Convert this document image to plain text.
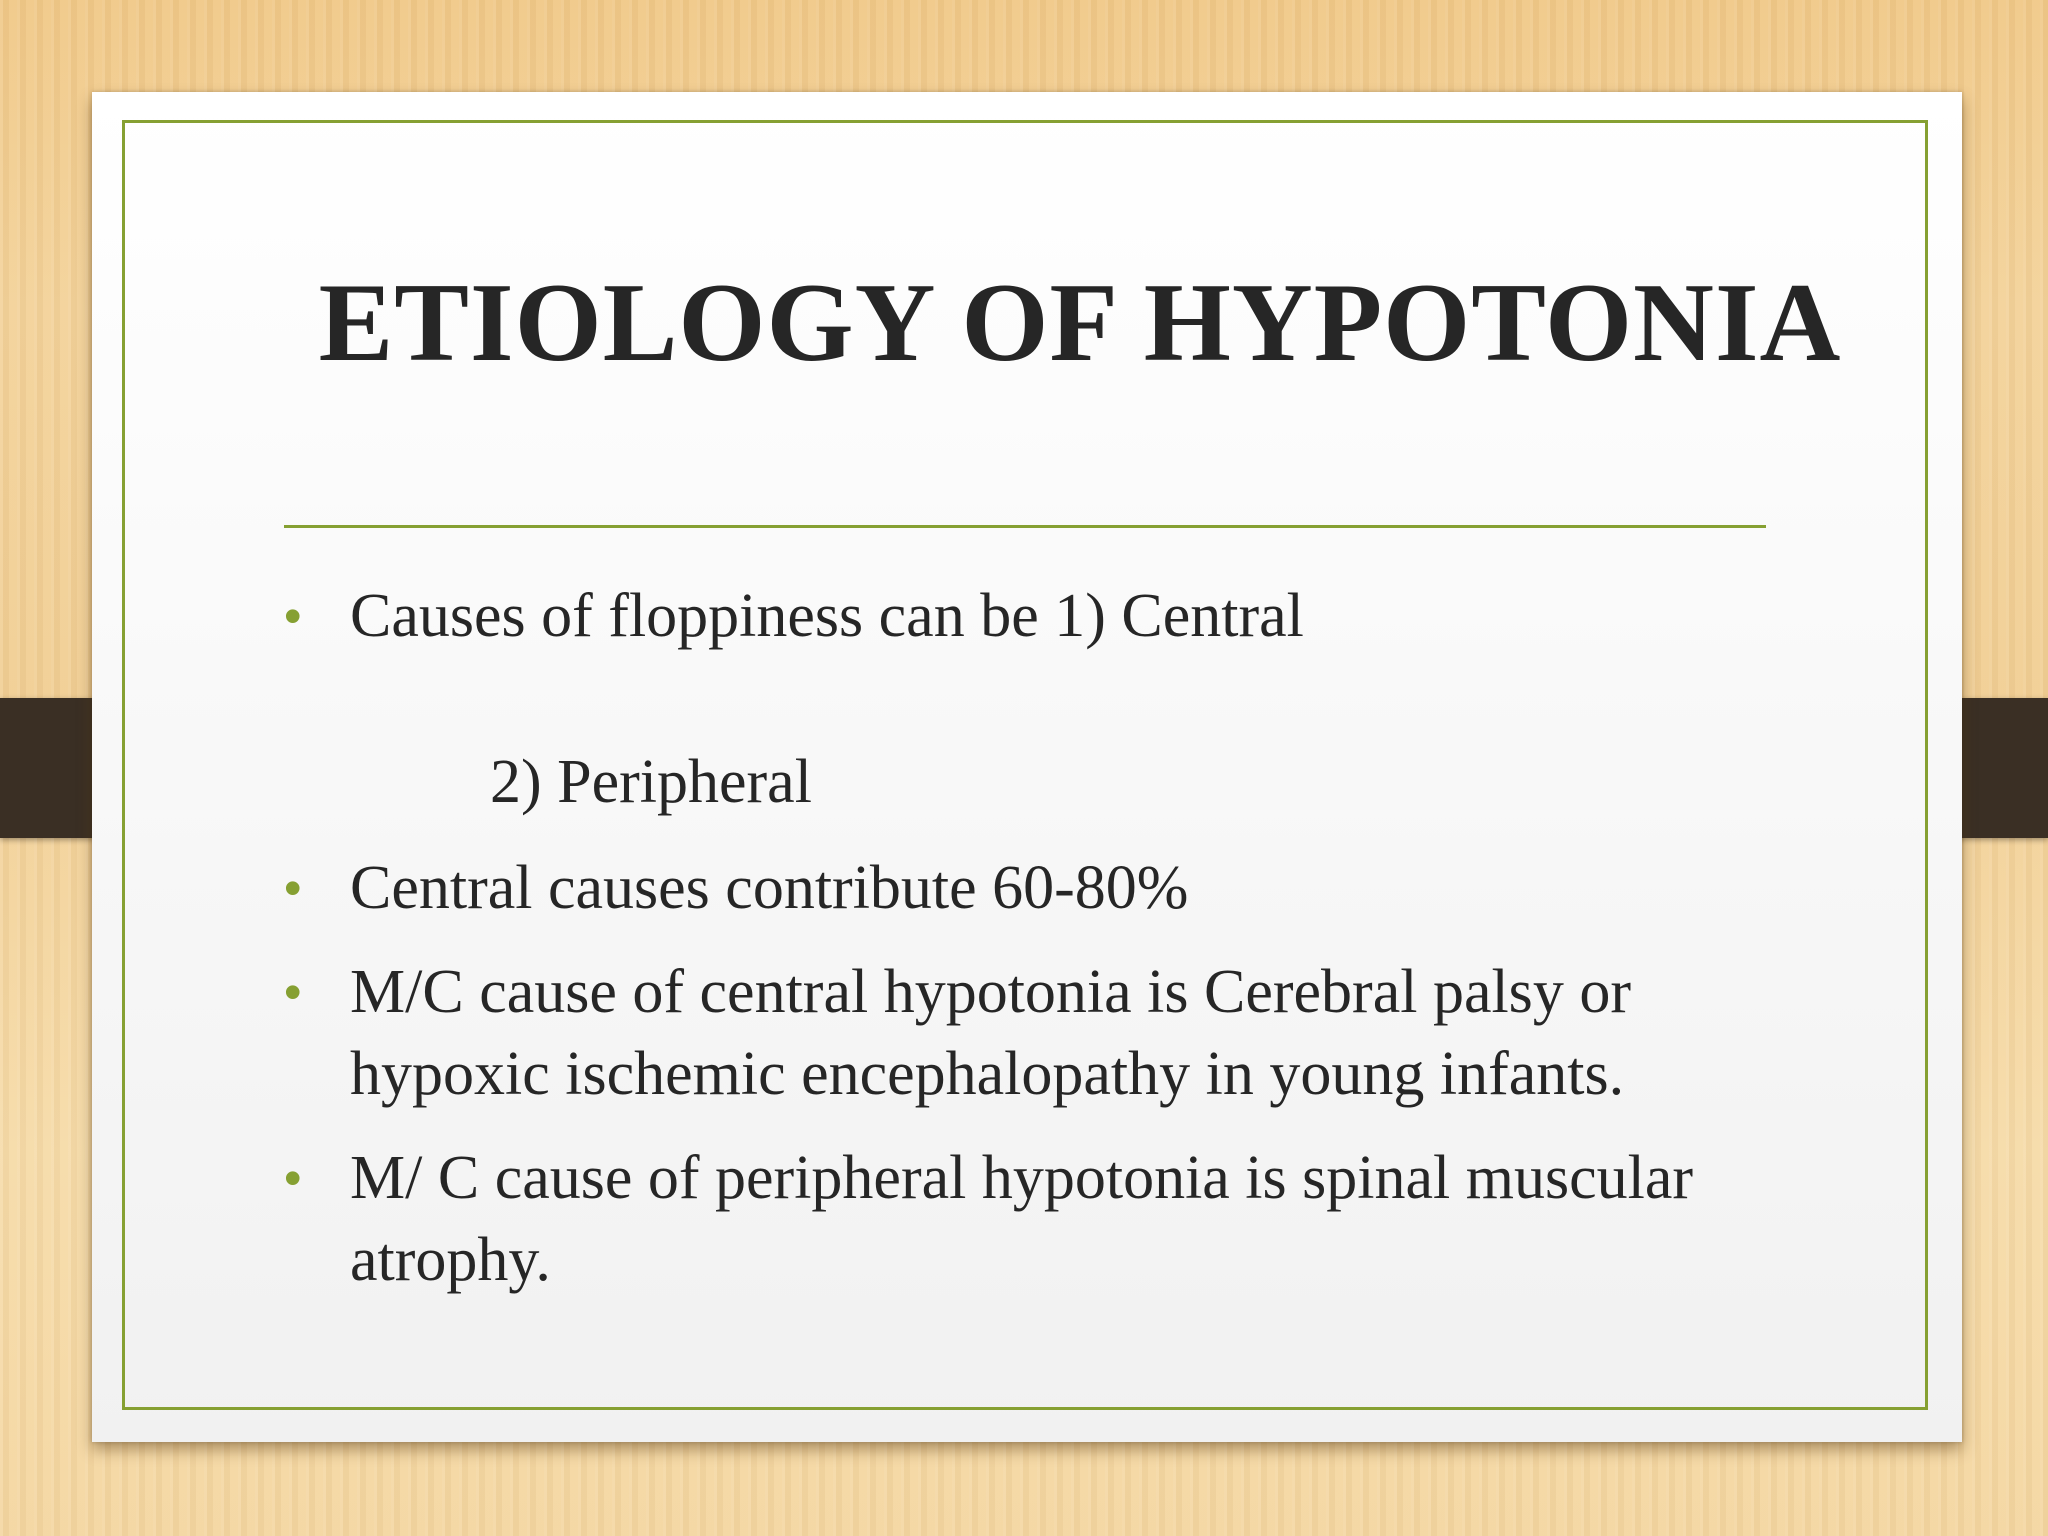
ETIOLOGY OF HYPOTONIA
• Causes of floppiness can be 1) Central
2) Peripheral
• Central causes contribute 60-80%
• M/C cause of central hypotonia is Cerebral palsy or hypoxic ischemic encephalopathy in young infants.
• M/ C cause of peripheral hypotonia is spinal muscular atrophy.
